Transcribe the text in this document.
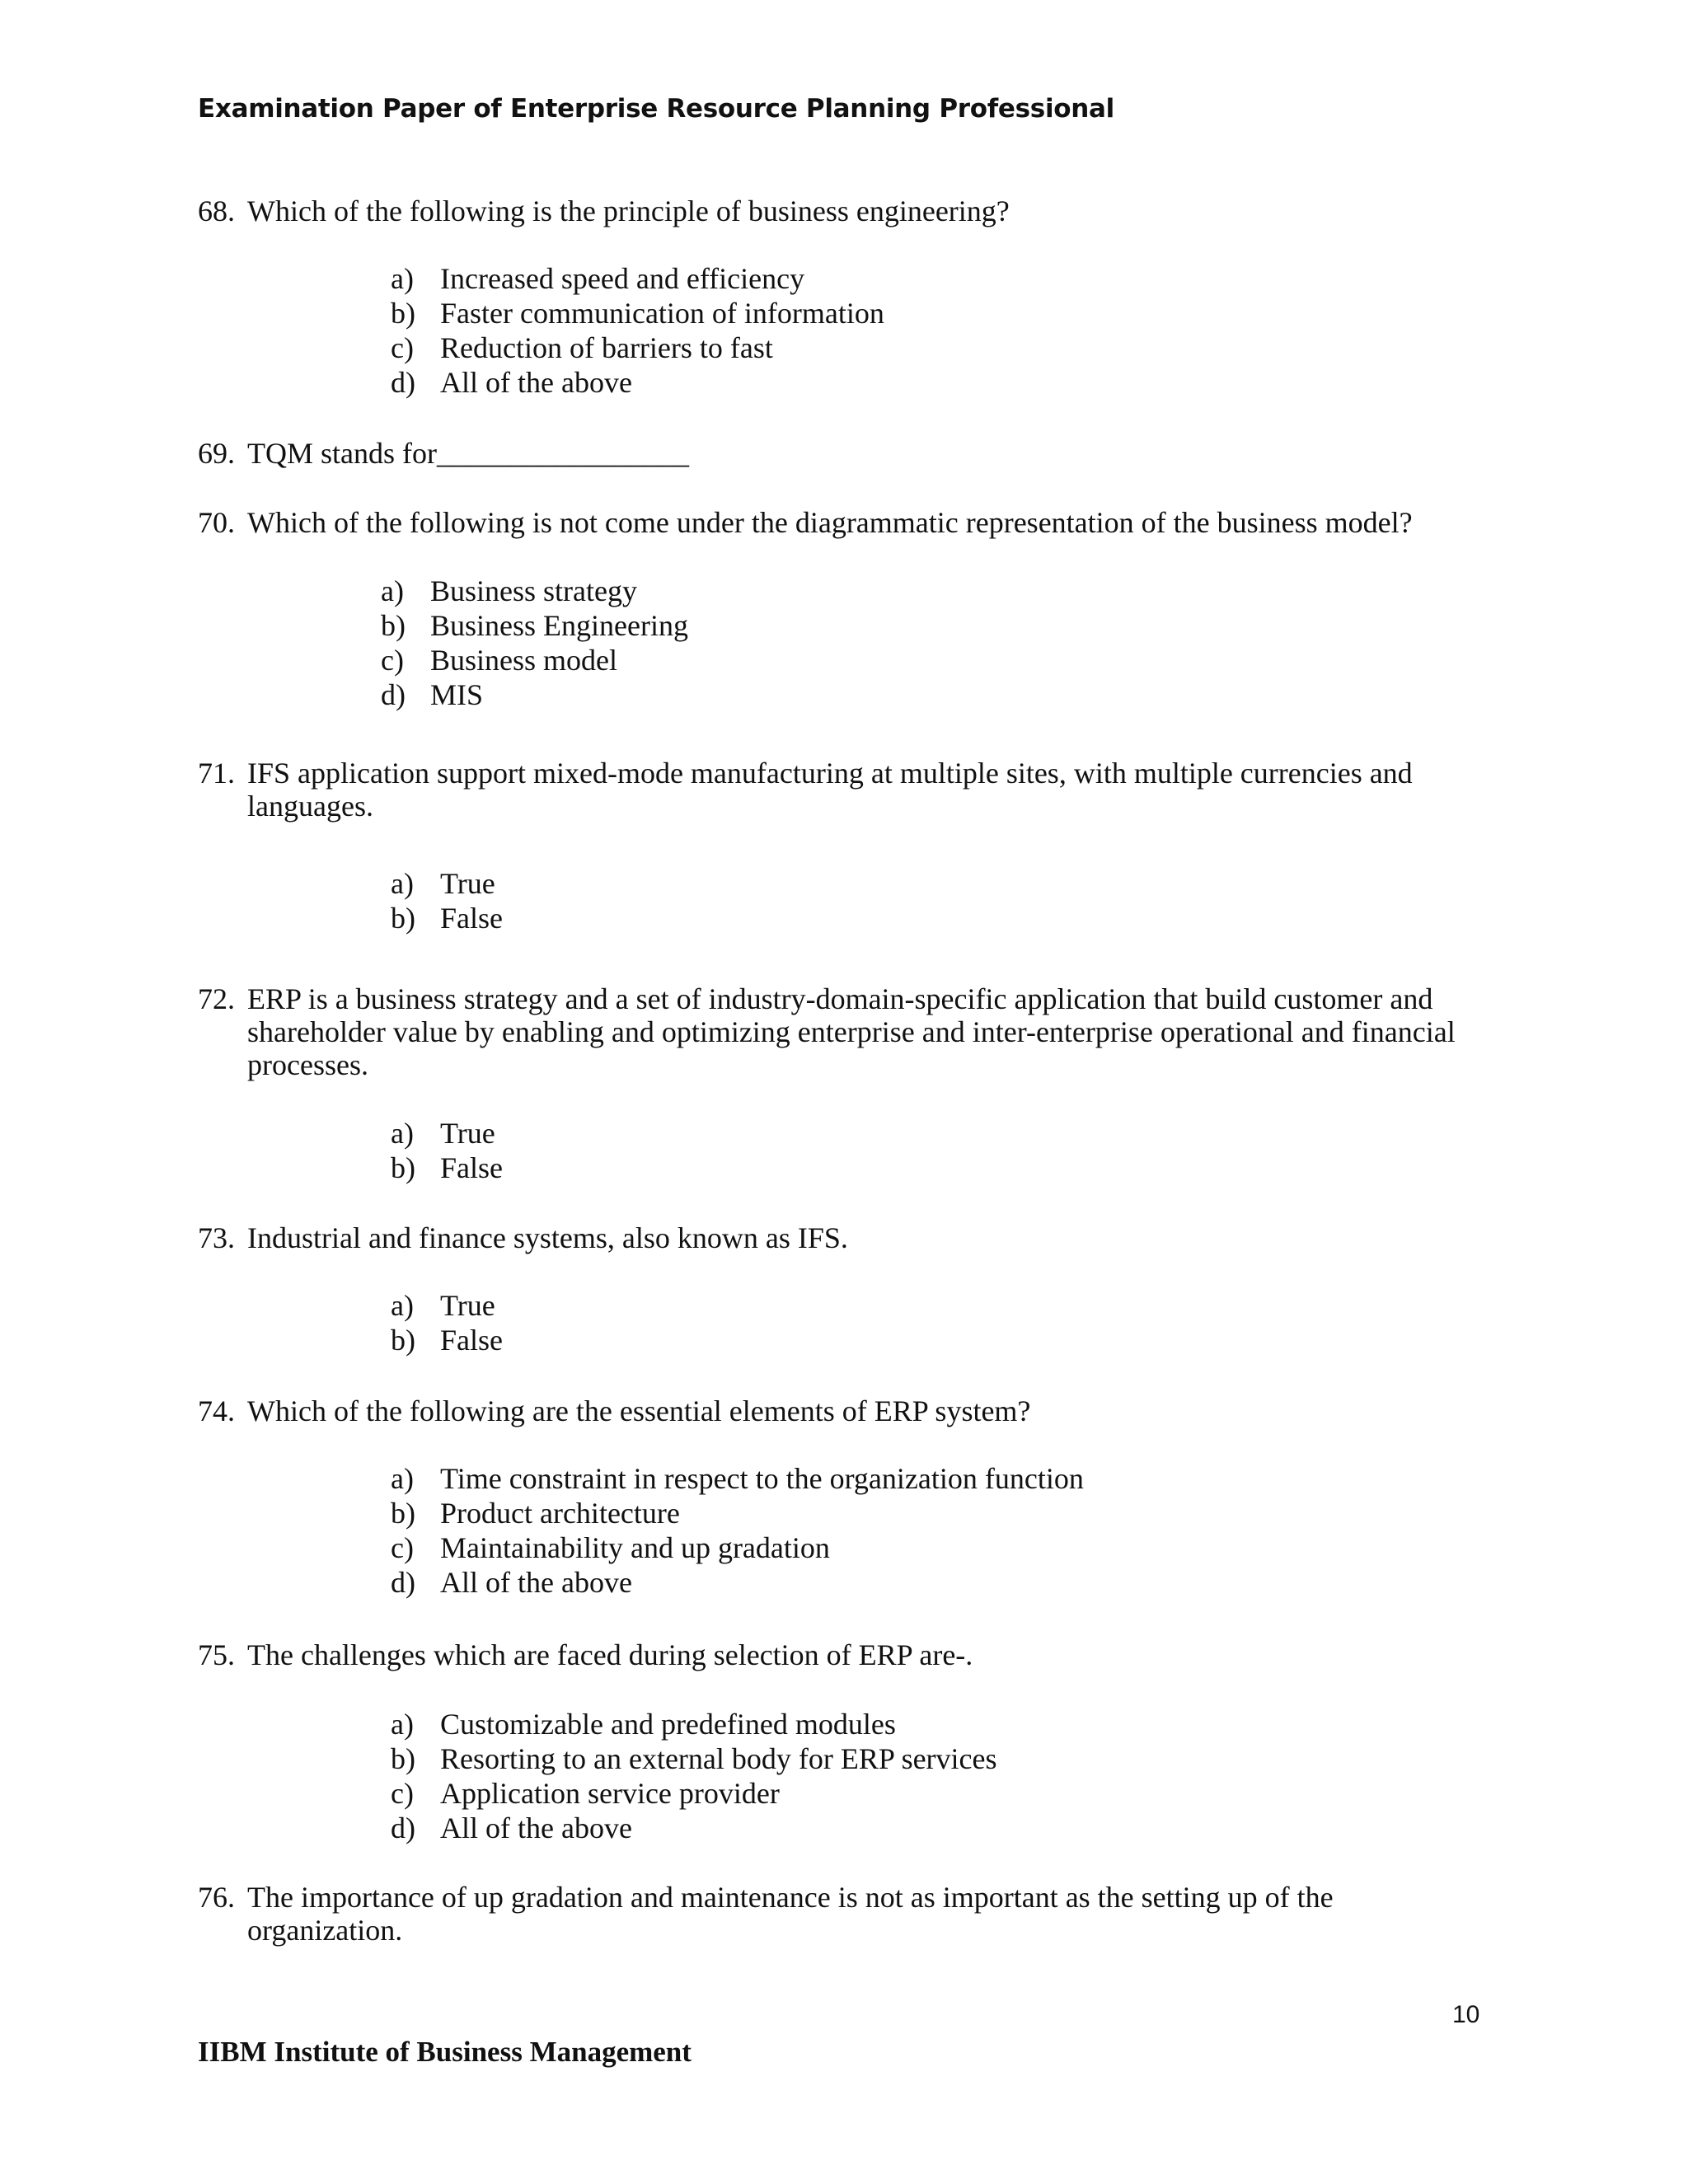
Examination Paper of Enterprise Resource Planning Professional
68. Which of the following is the principle of business engineering?
a) Increased speed and efficiency
b) Faster communication of information
c) Reduction of barriers to fast
d) All of the above
69. TQM stands for_________________
70. Which of the following is not come under the diagrammatic representation of the business model?
a) Business strategy
b) Business Engineering
c) Business model
d) MIS
71. IFS application support mixed-mode manufacturing at multiple sites, with multiple currencies and languages.
a) True
b) False
72. ERP is a business strategy and a set of industry-domain-specific application that build customer and shareholder value by enabling and optimizing enterprise and inter-enterprise operational and financial processes.
a) True
b) False
73. Industrial and finance systems, also known as IFS.
a) True
b) False
74. Which of the following are the essential elements of ERP system?
a) Time constraint in respect to the organization function
b) Product architecture
c) Maintainability and up gradation
d) All of the above
75. The challenges which are faced during selection of ERP are-.
a) Customizable and predefined modules
b) Resorting to an external body for ERP services
c) Application service provider
d) All of the above
76. The importance of up gradation and maintenance is not as important as the setting up of the organization.
10
IIBM Institute of Business Management
